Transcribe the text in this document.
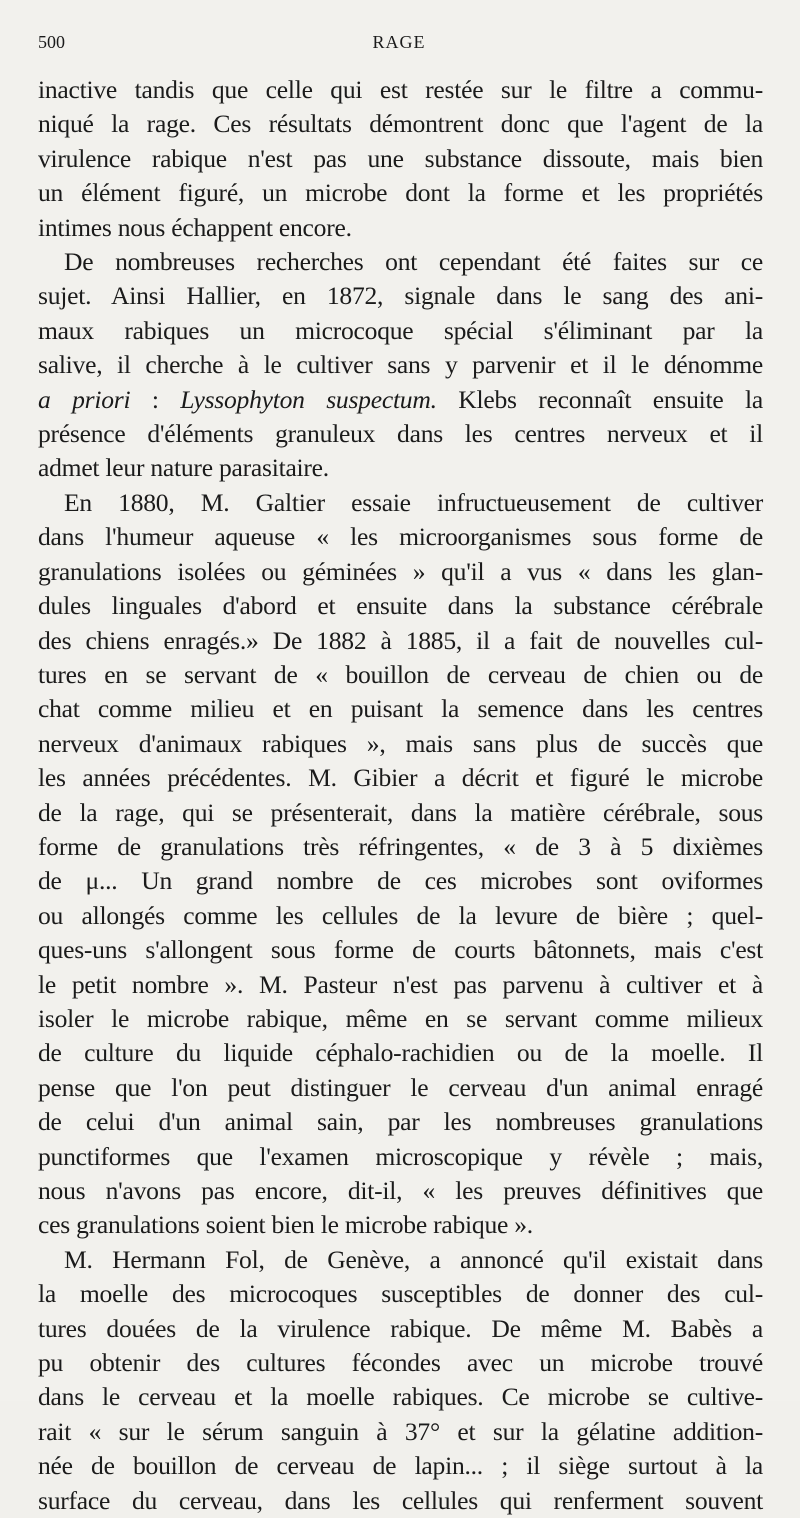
500	RAGE
inactive tandis que celle qui est restée sur le filtre a commu-
niqué la rage. Ces résultats démontrent donc que l'agent de la
virulence rabique n'est pas une substance dissoute, mais bien
un élément figuré, un microbe dont la forme et les propriétés
intimes nous échappent encore.
De nombreuses recherches ont cependant été faites sur ce
sujet. Ainsi Hallier, en 1872, signale dans le sang des ani-
maux rabiques un microcoque spécial s'éliminant par la
salive, il cherche à le cultiver sans y parvenir et il le dénomme
a priori : Lyssophyton suspectum. Klebs reconnaît ensuite la
présence d'éléments granuleux dans les centres nerveux et il
admet leur nature parasitaire.
En 1880, M. Galtier essaie infructueusement de cultiver
dans l'humeur aqueuse « les microorganismes sous forme de
granulations isolées ou géminées » qu'il a vus « dans les glan-
dules linguales d'abord et ensuite dans la substance cérébrale
des chiens enragés.» De 1882 à 1885, il a fait de nouvelles cul-
tures en se servant de « bouillon de cerveau de chien ou de
chat comme milieu et en puisant la semence dans les centres
nerveux d'animaux rabiques », mais sans plus de succès que
les années précédentes. M. Gibier a décrit et figuré le microbe
de la rage, qui se présenterait, dans la matière cérébrale, sous
forme de granulations très réfringentes, « de 3 à 5 dixièmes
de μ... Un grand nombre de ces microbes sont oviformes
ou allongés comme les cellules de la levure de bière ; quel-
ques-uns s'allongent sous forme de courts bâtonnets, mais c'est
le petit nombre ». M. Pasteur n'est pas parvenu à cultiver et à
isoler le microbe rabique, même en se servant comme milieux
de culture du liquide céphalo-rachidien ou de la moelle. Il
pense que l'on peut distinguer le cerveau d'un animal enragé
de celui d'un animal sain, par les nombreuses granulations
punctiformes que l'examen microscopique y révèle ; mais,
nous n'avons pas encore, dit-il, « les preuves définitives que
ces granulations soient bien le microbe rabique ».
M. Hermann Fol, de Genève, a annoncé qu'il existait dans
la moelle des microcoques susceptibles de donner des cul-
tures douées de la virulence rabique. De même M. Babès a
pu obtenir des cultures fécondes avec un microbe trouvé
dans le cerveau et la moelle rabiques. Ce microbe se cultive-
rait « sur le sérum sanguin à 37° et sur la gélatine addition-
née de bouillon de cerveau de lapin... ; il siège surtout à la
surface du cerveau, dans les cellules qui renferment souvent
